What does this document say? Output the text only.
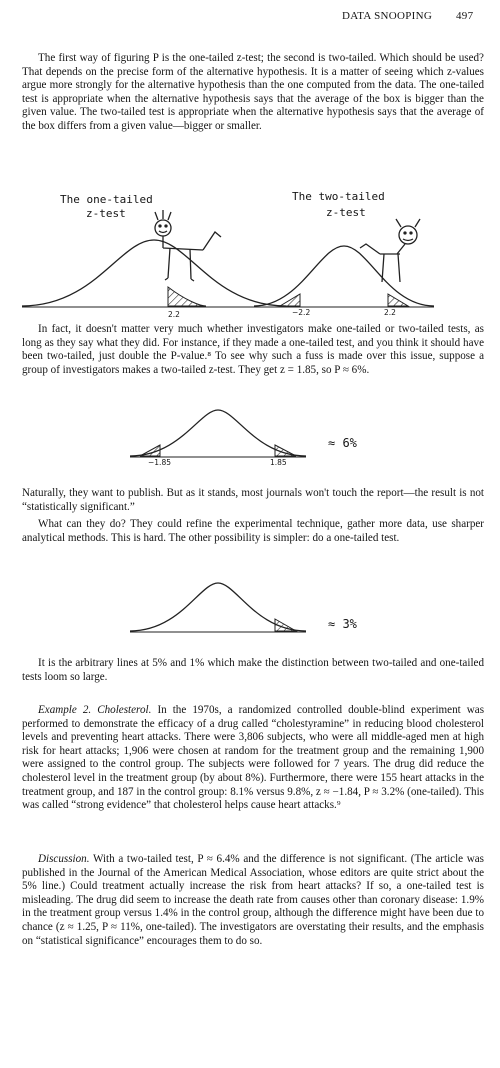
DATA SNOOPING 497

The first way of figuring P is the one-tailed z-test; the second is two-tailed. Which should be used? That depends on the precise form of the alternative hypothesis. It is a matter of seeing which z-values argue more strongly for the alternative hypothesis than the one computed from the data. The one-tailed test is appropriate when the alternative hypothesis says that the average of the box is bigger than the given value. The two-tailed test is appropriate when the alternative hypothesis says that the average of the box differs from a given value—bigger or smaller.

The one-tailed
z-test
The two-tailed
z-test
2.2	−2.2	2.2

In fact, it doesn't matter very much whether investigators make one-tailed or two-tailed tests, as long as they say what they did. For instance, if they made a one-tailed test, and you think it should have been two-tailed, just double the P-value.⁸ To see why such a fuss is made over this issue, suppose a group of investigators makes a two-tailed z-test. They get z = 1.85, so P ≈ 6%.

≈ 6%
−1.85	1.85

Naturally, they want to publish. But as it stands, most journals won't touch the report—the result is not “statistically significant.”

What can they do? They could refine the experimental technique, gather more data, use sharper analytical methods. This is hard. The other possibility is simpler: do a one-tailed test.

≈ 3%

It is the arbitrary lines at 5% and 1% which make the distinction between two-tailed and one-tailed tests loom so large.

Example 2. Cholesterol. In the 1970s, a randomized controlled double-blind experiment was performed to demonstrate the efficacy of a drug called “cholestyramine” in reducing blood cholesterol levels and preventing heart attacks. There were 3,806 subjects, who were all middle-aged men at high risk for heart attacks; 1,906 were chosen at random for the treatment group and the remaining 1,900 were assigned to the control group. The subjects were followed for 7 years. The drug did reduce the cholesterol level in the treatment group (by about 8%). Furthermore, there were 155 heart attacks in the treatment group, and 187 in the control group: 8.1% versus 9.8%, z ≈ −1.84, P ≈ 3.2% (one-tailed). This was called “strong evidence” that cholesterol helps cause heart attacks.⁹

Discussion. With a two-tailed test, P ≈ 6.4% and the difference is not significant. (The article was published in the Journal of the American Medical Association, whose editors are quite strict about the 5% line.) Could treatment actually increase the risk from heart attacks? If so, a one-tailed test is misleading. The drug did seem to increase the death rate from causes other than coronary disease: 1.9% in the treatment group versus 1.4% in the control group, although the difference might have been due to chance (z ≈ 1.25, P ≈ 11%, one-tailed). The investigators are overstating their results, and the emphasis on “statistical significance” encourages them to do so.
